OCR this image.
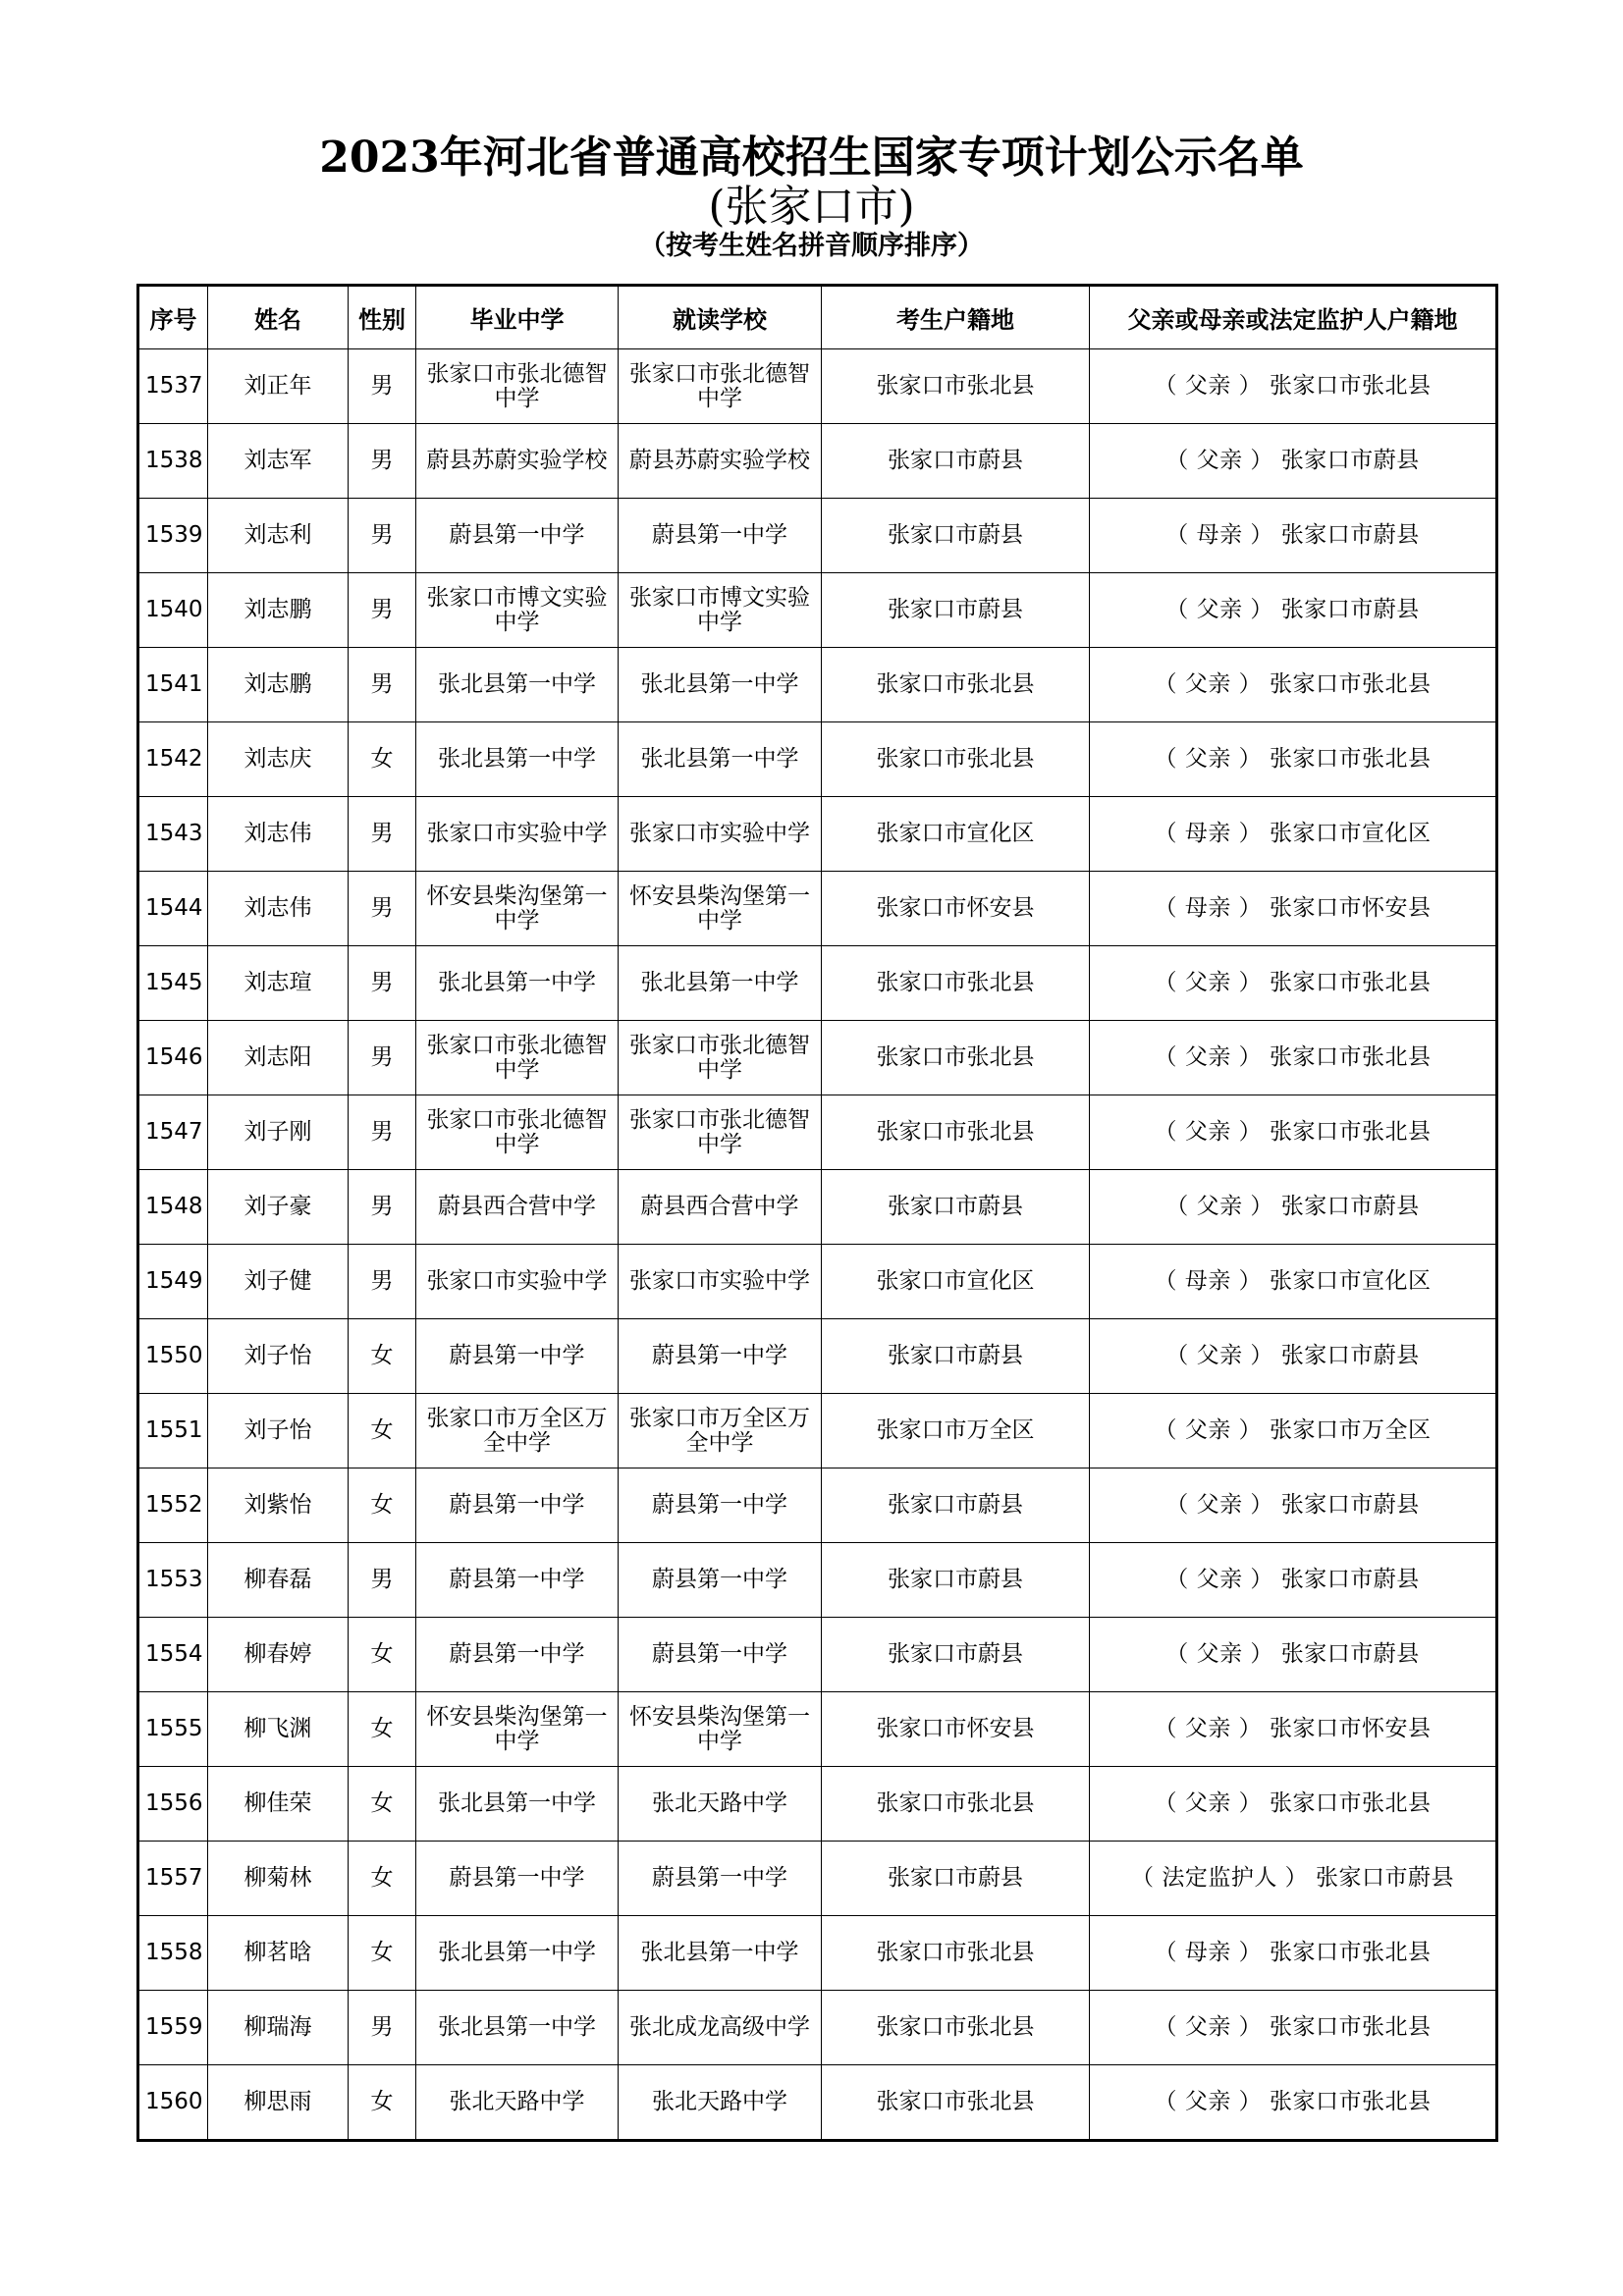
2023年河北省普通高校招生国家专项计划公示名单
(张家口市)
（按考生姓名拼音顺序排序）
序号	姓名	性别	毕业中学	就读学校	考生户籍地	父亲或母亲或法定监护人户籍地
1537	刘正年	男	张家口市张北德智中学	张家口市张北德智中学	张家口市张北县	（ 父亲 ） 张家口市张北县
1538	刘志军	男	蔚县苏蔚实验学校	蔚县苏蔚实验学校	张家口市蔚县	（ 父亲 ） 张家口市蔚县
1539	刘志利	男	蔚县第一中学	蔚县第一中学	张家口市蔚县	（ 母亲 ） 张家口市蔚县
1540	刘志鹏	男	张家口市博文实验中学	张家口市博文实验中学	张家口市蔚县	（ 父亲 ） 张家口市蔚县
1541	刘志鹏	男	张北县第一中学	张北县第一中学	张家口市张北县	（ 父亲 ） 张家口市张北县
1542	刘志庆	女	张北县第一中学	张北县第一中学	张家口市张北县	（ 父亲 ） 张家口市张北县
1543	刘志伟	男	张家口市实验中学	张家口市实验中学	张家口市宣化区	（ 母亲 ） 张家口市宣化区
1544	刘志伟	男	怀安县柴沟堡第一中学	怀安县柴沟堡第一中学	张家口市怀安县	（ 母亲 ） 张家口市怀安县
1545	刘志瑄	男	张北县第一中学	张北县第一中学	张家口市张北县	（ 父亲 ） 张家口市张北县
1546	刘志阳	男	张家口市张北德智中学	张家口市张北德智中学	张家口市张北县	（ 父亲 ） 张家口市张北县
1547	刘子刚	男	张家口市张北德智中学	张家口市张北德智中学	张家口市张北县	（ 父亲 ） 张家口市张北县
1548	刘子豪	男	蔚县西合营中学	蔚县西合营中学	张家口市蔚县	（ 父亲 ） 张家口市蔚县
1549	刘子健	男	张家口市实验中学	张家口市实验中学	张家口市宣化区	（ 母亲 ） 张家口市宣化区
1550	刘子怡	女	蔚县第一中学	蔚县第一中学	张家口市蔚县	（ 父亲 ） 张家口市蔚县
1551	刘子怡	女	张家口市万全区万全中学	张家口市万全区万全中学	张家口市万全区	（ 父亲 ） 张家口市万全区
1552	刘紫怡	女	蔚县第一中学	蔚县第一中学	张家口市蔚县	（ 父亲 ） 张家口市蔚县
1553	柳春磊	男	蔚县第一中学	蔚县第一中学	张家口市蔚县	（ 父亲 ） 张家口市蔚县
1554	柳春婷	女	蔚县第一中学	蔚县第一中学	张家口市蔚县	（ 父亲 ） 张家口市蔚县
1555	柳飞渊	女	怀安县柴沟堡第一中学	怀安县柴沟堡第一中学	张家口市怀安县	（ 父亲 ） 张家口市怀安县
1556	柳佳荣	女	张北县第一中学	张北天路中学	张家口市张北县	（ 父亲 ） 张家口市张北县
1557	柳菊林	女	蔚县第一中学	蔚县第一中学	张家口市蔚县	（ 法定监护人 ） 张家口市蔚县
1558	柳茗晗	女	张北县第一中学	张北县第一中学	张家口市张北县	（ 母亲 ） 张家口市张北县
1559	柳瑞海	男	张北县第一中学	张北成龙高级中学	张家口市张北县	（ 父亲 ） 张家口市张北县
1560	柳思雨	女	张北天路中学	张北天路中学	张家口市张北县	（ 父亲 ） 张家口市张北县
